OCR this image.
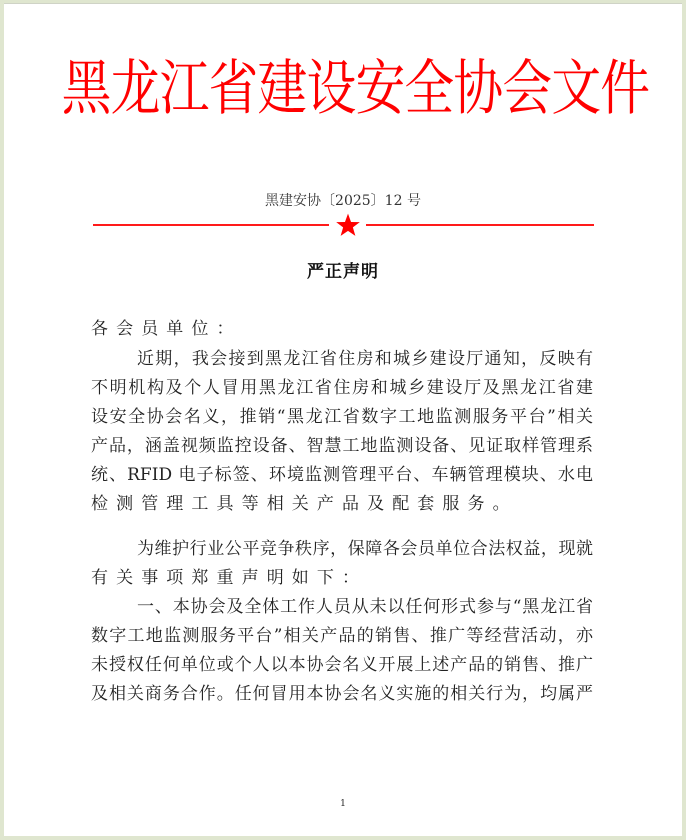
黑龙江省建设安全协会文件
黑建安协〔2025〕12 号
严正声明
各会员单位：
近期，我会接到黑龙江省住房和城乡建设厅通知，反映有
不明机构及个人冒用黑龙江省住房和城乡建设厅及黑龙江省建
设安全协会名义，推销“黑龙江省数字工地监测服务平台”相关
产品，涵盖视频监控设备、智慧工地监测设备、见证取样管理系
统、RFID 电子标签、环境监测管理平台、车辆管理模块、水电
检测管理工具等相关产品及配套服务。
为维护行业公平竞争秩序，保障各会员单位合法权益，现就
有关事项郑重声明如下：
一、本协会及全体工作人员从未以任何形式参与“黑龙江省
数字工地监测服务平台”相关产品的销售、推广等经营活动，亦
未授权任何单位或个人以本协会名义开展上述产品的销售、推广
及相关商务合作。任何冒用本协会名义实施的相关行为，均属严
1
